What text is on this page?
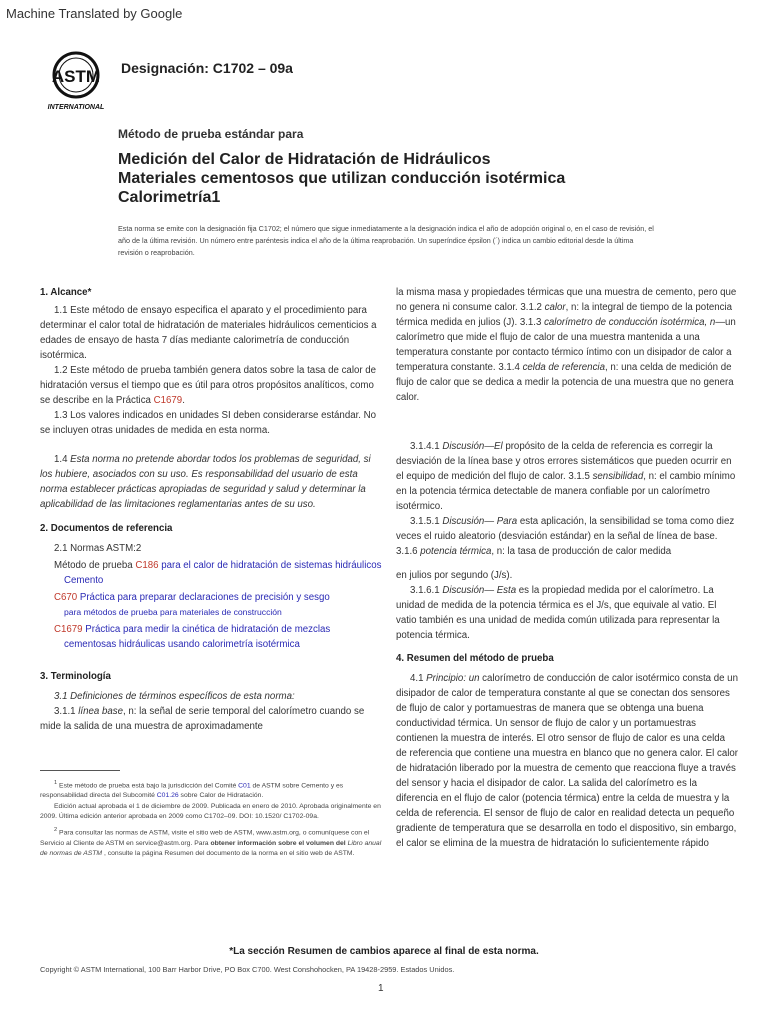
Machine Translated by Google
ASTM
INTERNATIONAL
Designación: C1702 – 09a
Método de prueba estándar para
Medición del Calor de Hidratación de Hidráulicos
Materiales cementosos que utilizan conducción isotérmica
Calorimetría1
Esta norma se emite con la designación fija C1702; el número que sigue inmediatamente a la designación indica el año de adopción original o, en el caso de revisión, el año de la última revisión. Un número entre paréntesis indica el año de la última reaprobación. Un superíndice épsilon (´) indica un cambio editorial desde la última revisión o reaprobación.

1. Alcance*

1.1 Este método de ensayo especifica el aparato y el procedimiento para determinar el calor total de hidratación de materiales hidráulicos cementicios a edades de ensayo de hasta 7 días mediante calorimetría de conducción isotérmica.

1.2 Este método de prueba también genera datos sobre la tasa de calor de hidratación versus el tiempo que es útil para otros propósitos analíticos, como se describe en la Práctica C1679.

1.3 Los valores indicados en unidades SI deben considerarse estándar. No se incluyen otras unidades de medida en esta norma.

1.4 Esta norma no pretende abordar todos los problemas de seguridad, si los hubiere, asociados con su uso. Es responsabilidad del usuario de esta norma establecer prácticas apropiadas de seguridad y salud y determinar la aplicabilidad de las limitaciones reglamentarias antes de su uso.

2. Documentos de referencia

2.1 Normas ASTM:2

Método de prueba C186 para el calor de hidratación de sistemas hidráulicos

Cemento

C670 Práctica para preparar declaraciones de precisión y sesgo

para métodos de prueba para materiales de construcción

C1679 Práctica para medir la cinética de hidratación de mezclas

cementosas hidráulicas usando calorimetría isotérmica

3. Terminología

3.1 Definiciones de términos específicos de esta norma:

3.1.1 línea base, n: la señal de serie temporal del calorímetro cuando se mide la salida de una muestra de aproximadamente

$^1$ Este método de prueba está bajo la jurisdicción del Comité C01 de ASTM sobre Cemento y es responsabilidad directa del Subcomité C01.26 sobre Calor de Hidratación.

Edición actual aprobada el 1 de diciembre de 2009. Publicada en enero de 2010. Aprobada originalmente en 2009. Última edición anterior aprobada en 2009 como C1702–09. DOI: 10.1520/ C1702-09a.

$^2$ Para consultar las normas de ASTM, visite el sitio web de ASTM, www.astm.org, o comuníquese con el Servicio al Cliente de ASTM en service@astm.org. Para obtener información sobre el volumen del Libro anual de normas de ASTM , consulte la página Resumen del documento de la norma en el sitio web de ASTM.

la misma masa y propiedades térmicas que una muestra de cemento, pero que no genera ni consume calor. 3.1.2 calor, n: la integral de tiempo de la potencia térmica medida en julios (J). 3.1.3 calorímetro de conducción isotérmica, n—un calorímetro que mide el flujo de calor de una muestra mantenida a una temperatura constante por contacto térmico íntimo con un disipador de calor a temperatura constante. 3.1.4 celda de referencia, n: una celda de medición de flujo de calor que se dedica a medir la potencia de una muestra que no genera calor.

3.1.4.1 Discusión—El propósito de la celda de referencia es corregir la desviación de la línea base y otros errores sistemáticos que pueden ocurrir en el equipo de medición del flujo de calor. 3.1.5 sensibilidad, n: el cambio mínimo en la potencia térmica detectable de manera confiable por un calorímetro isotérmico.

3.1.5.1 Discusión— Para esta aplicación, la sensibilidad se toma como diez veces el ruido aleatorio (desviación estándar) en la señal de línea de base. 3.1.6 potencia térmica, n: la tasa de producción de calor medida

en julios por segundo (J/s).

3.1.6.1 Discusión— Esta es la propiedad medida por el calorímetro. La unidad de medida de la potencia térmica es el J/s, que equivale al vatio. El vatio también es una unidad de medida común utilizada para representar la potencia térmica.

4. Resumen del método de prueba

4.1 Principio: un calorímetro de conducción de calor isotérmico consta de un disipador de calor de temperatura constante al que se conectan dos sensores de flujo de calor y portamuestras de manera que se obtenga una buena conductividad térmica. Un sensor de flujo de calor y un portamuestras contienen la muestra de interés. El otro sensor de flujo de calor es una celda de referencia que contiene una muestra en blanco que no genera calor. El calor de hidratación liberado por la muestra de cemento que reacciona fluye a través del sensor y hacia el disipador de calor. La salida del calorímetro es la diferencia en el flujo de calor (potencia térmica) entre la celda de muestra y la celda de referencia. El sensor de flujo de calor en realidad detecta un pequeño gradiente de temperatura que se desarrolla en todo el dispositivo, sin embargo, el calor se elimina de la muestra de hidratación lo suficientemente rápido

*La sección Resumen de cambios aparece al final de esta norma.
Copyright © ASTM International, 100 Barr Harbor Drive, PO Box C700. West Conshohocken, PA 19428-2959. Estados Unidos.
1
